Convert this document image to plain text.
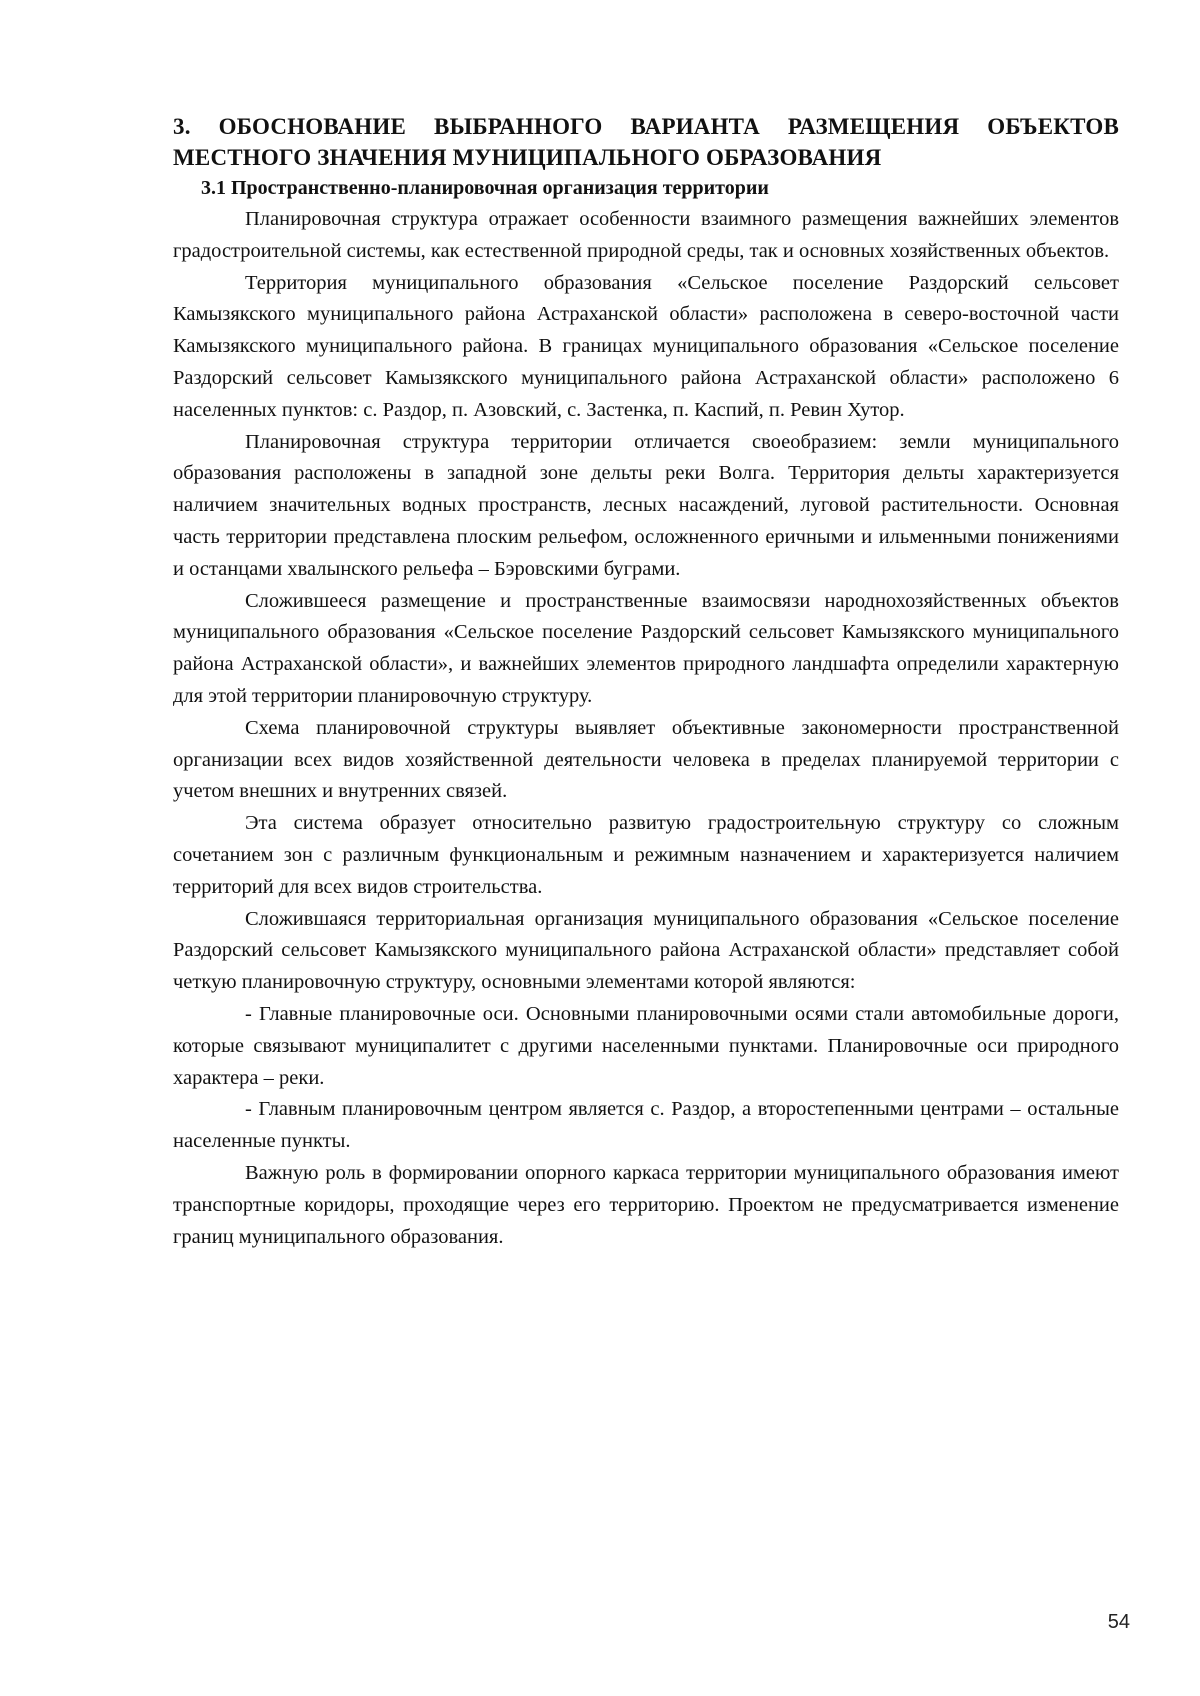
3. ОБОСНОВАНИЕ ВЫБРАННОГО ВАРИАНТА РАЗМЕЩЕНИЯ ОБЪЕКТОВ МЕСТНОГО ЗНАЧЕНИЯ МУНИЦИПАЛЬНОГО ОБРАЗОВАНИЯ
3.1 Пространственно-планировочная организация территории

Планировочная структура отражает особенности взаимного размещения важнейших элементов градостроительной системы, как естественной природной среды, так и основных хозяйственных объектов.

Территория муниципального образования «Сельское поселение Раздорский сельсовет Камызякского муниципального района Астраханской области» расположена в северо-восточной части Камызякского муниципального района. В границах муниципального образования «Сельское поселение Раздорский сельсовет Камызякского муниципального района Астраханской области» расположено 6 населенных пунктов: с. Раздор, п. Азовский, с. Застенка, п. Каспий, п. Ревин Хутор.

Планировочная структура территории отличается своеобразием: земли муниципального образования расположены в западной зоне дельты реки Волга. Территория дельты характеризуется наличием значительных водных пространств, лесных насаждений, луговой растительности. Основная часть территории представлена плоским рельефом, осложненного еричными и ильменными понижениями и останцами хвалынского рельефа – Бэровскими буграми.

Сложившееся размещение и пространственные взаимосвязи народнохозяйственных объектов муниципального образования «Сельское поселение Раздорский сельсовет Камызякского муниципального района Астраханской области», и важнейших элементов природного ландшафта определили характерную для этой территории планировочную структуру.

Схема планировочной структуры выявляет объективные закономерности пространственной организации всех видов хозяйственной деятельности человека в пределах планируемой территории с учетом внешних и внутренних связей.

Эта система образует относительно развитую градостроительную структуру со сложным сочетанием зон с различным функциональным и режимным назначением и характеризуется наличием территорий для всех видов строительства.

Сложившаяся территориальная организация муниципального образования «Сельское поселение Раздорский сельсовет Камызякского муниципального района Астраханской области» представляет собой четкую планировочную структуру, основными элементами которой являются:

- Главные планировочные оси. Основными планировочными осями стали автомобильные дороги, которые связывают муниципалитет с другими населенными пунктами. Планировочные оси природного характера – реки.

- Главным планировочным центром является с. Раздор, а второстепенными центрами – остальные населенные пункты.

Важную роль в формировании опорного каркаса территории муниципального образования имеют транспортные коридоры, проходящие через его территорию. Проектом не предусматривается изменение границ муниципального образования.

54
